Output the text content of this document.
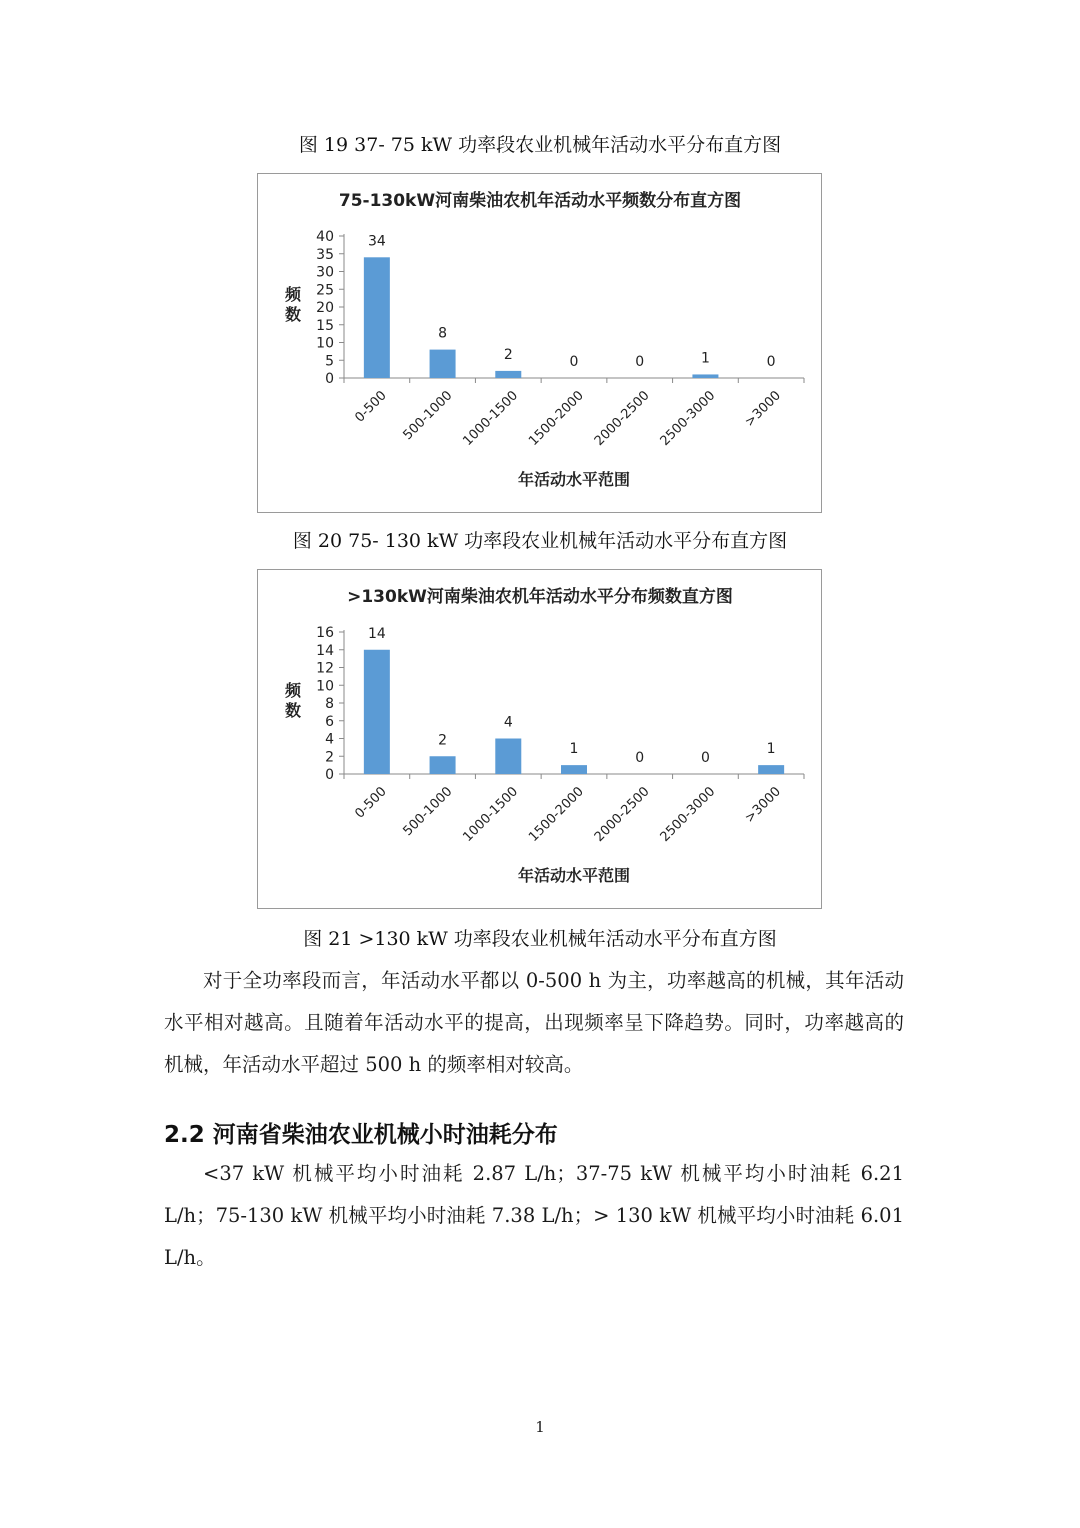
图 19 37- 75 kW 功率段农业机械年活动水平分布直方图
75-130kW河南柴油农机年活动水平频数分布直方图
0
5
10
15
20
25
30
35
40
频
数
34
0-500
8
500-1000
2
1000-1500
0
1500-2000
0
2000-2500
1
2500-3000
0
>3000
年活动水平范围
图 20 75- 130 kW 功率段农业机械年活动水平分布直方图
>130kW河南柴油农机年活动水平分布频数直方图
0
2
4
6
8
10
12
14
16
频
数
14
0-500
2
500-1000
4
1000-1500
1
1500-2000
0
2000-2500
0
2500-3000
1
>3000
年活动水平范围
图 21 >130 kW 功率段农业机械年活动水平分布直方图

对于全功率段而言，年活动水平都以 0-500 h 为主，功率越高的机械，其年活动水平相对越高。且随着年活动水平的提高，出现频率呈下降趋势。同时，功率越高的机械，年活动水平超过 500 h 的频率相对较高。

2.2 河南省柴油农业机械小时油耗分布

<37 kW 机械平均小时油耗 2.87 L/h；37-75 kW 机械平均小时油耗 6.21 L/h；75-130 kW 机械平均小时油耗 7.38 L/h；> 130 kW 机械平均小时油耗 6.01 L/h。

1
